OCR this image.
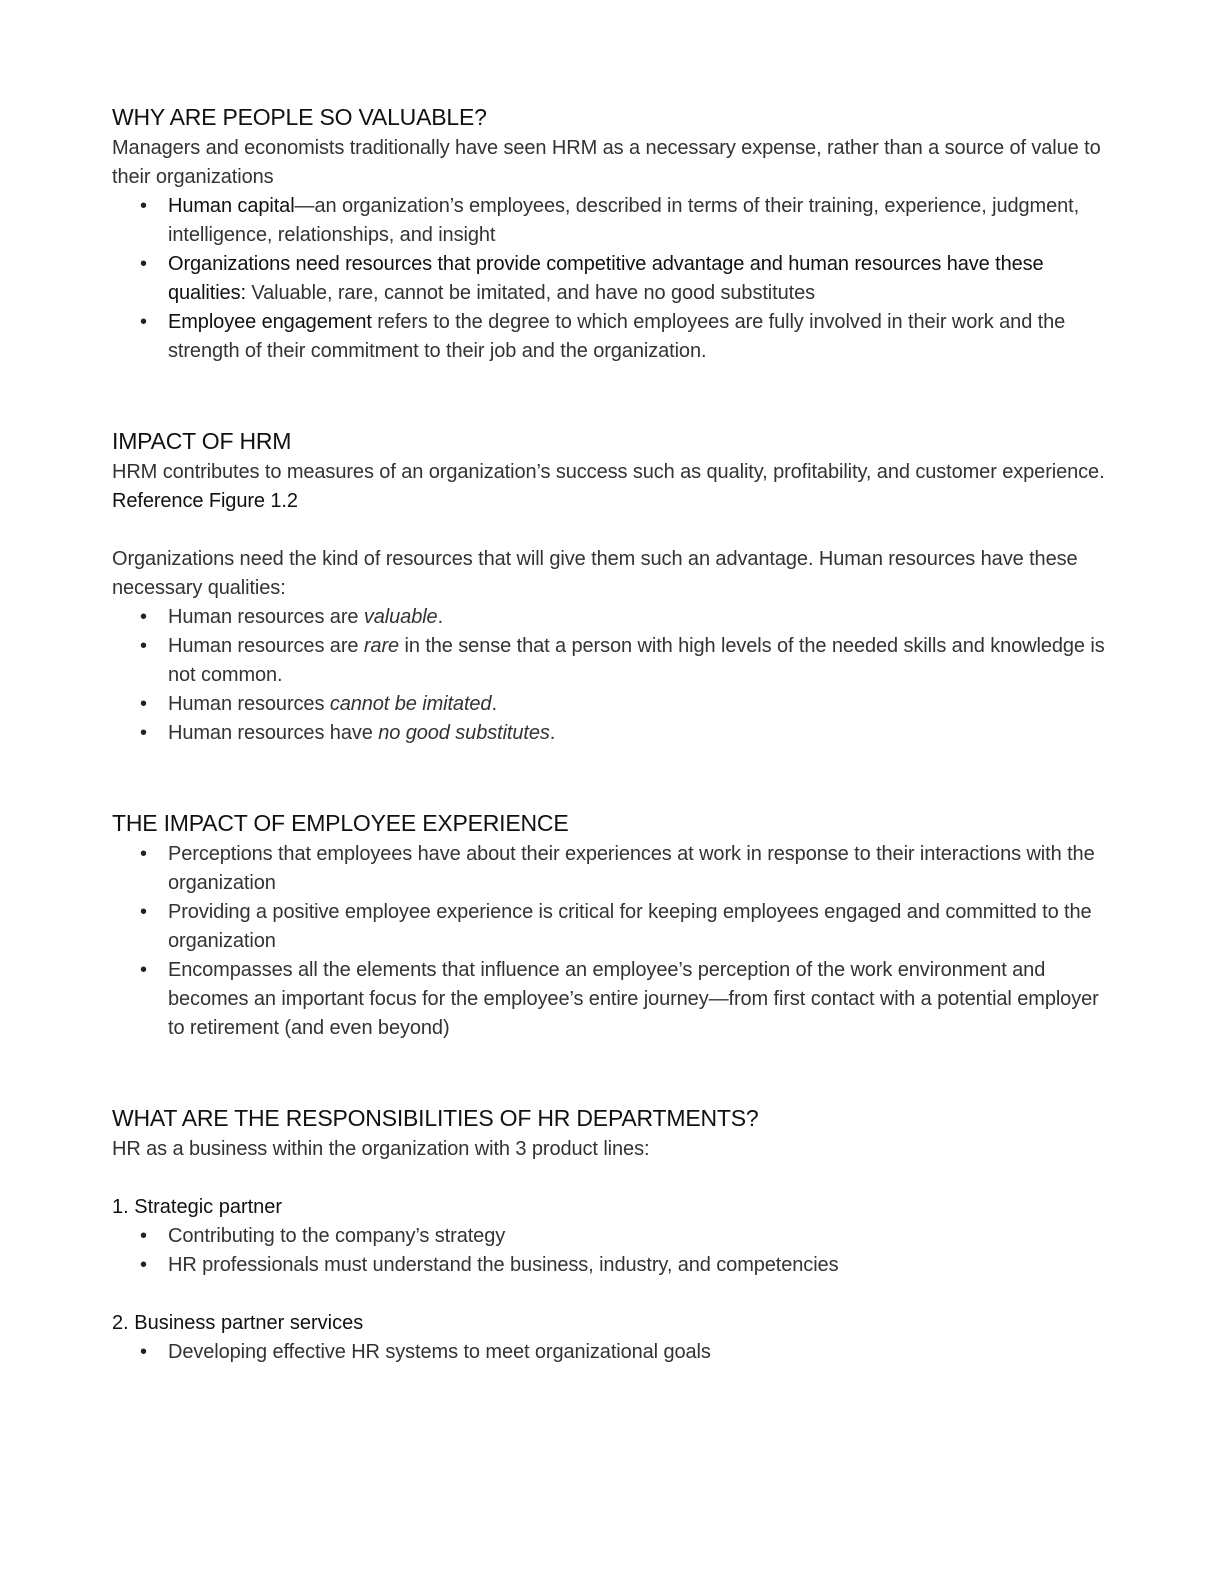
WHY ARE PEOPLE SO VALUABLE?

Managers and economists traditionally have seen HRM as a necessary expense, rather than a source of value to their organizations

• Human capital—an organization’s employees, described in terms of their training, experience, judgment, intelligence, relationships, and insight
• Organizations need resources that provide competitive advantage and human resources have these qualities: Valuable, rare, cannot be imitated, and have no good substitutes
• Employee engagement refers to the degree to which employees are fully involved in their work and the strength of their commitment to their job and the organization.
IMPACT OF HRM

HRM contributes to measures of an organization’s success such as quality, profitability, and customer experience. Reference Figure 1.2

Organizations need the kind of resources that will give them such an advantage. Human resources have these necessary qualities:

• Human resources are valuable.
• Human resources are rare in the sense that a person with high levels of the needed skills and knowledge is not common.
• Human resources cannot be imitated.
• Human resources have no good substitutes.
THE IMPACT OF EMPLOYEE EXPERIENCE
• Perceptions that employees have about their experiences at work in response to their interactions with the organization
• Providing a positive employee experience is critical for keeping employees engaged and committed to the organization
• Encompasses all the elements that influence an employee’s perception of the work environment and becomes an important focus for the employee’s entire journey—from first contact with a potential employer to retirement (and even beyond)
WHAT ARE THE RESPONSIBILITIES OF HR DEPARTMENTS?

HR as a business within the organization with 3 product lines:

1. Strategic partner

• Contributing to the company’s strategy
• HR professionals must understand the business, industry, and competencies

2. Business partner services

• Developing effective HR systems to meet organizational goals
